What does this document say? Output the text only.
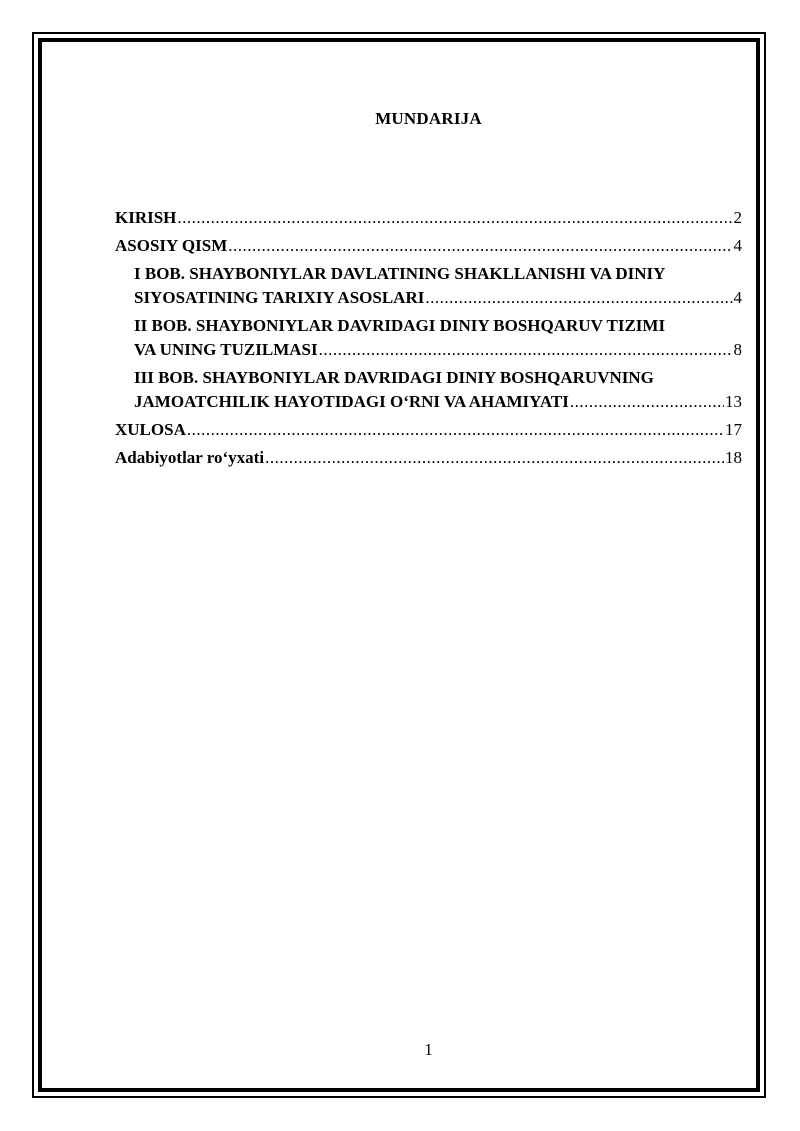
MUNDARIJA
KIRISH .....	2
ASOSIY QISM .....	4
I BOB. SHAYBONIYLAR DAVLATINING SHAKLLANISHI VA DINIY
SIYOSATINING TARIXIY ASOSLARI .....	4
II BOB. SHAYBONIYLAR DAVRIDAGI DINIY BOSHQARUV TIZIMI
VA UNING TUZILMASI .....	8
III BOB. SHAYBONIYLAR DAVRIDAGI DINIY BOSHQARUVNING
JAMOATCHILIK HAYOTIDAGI O‘RNI VA AHAMIYATI .....	13
XULOSA .....	17
Adabiyotlar ro‘yxati .....	18
1
